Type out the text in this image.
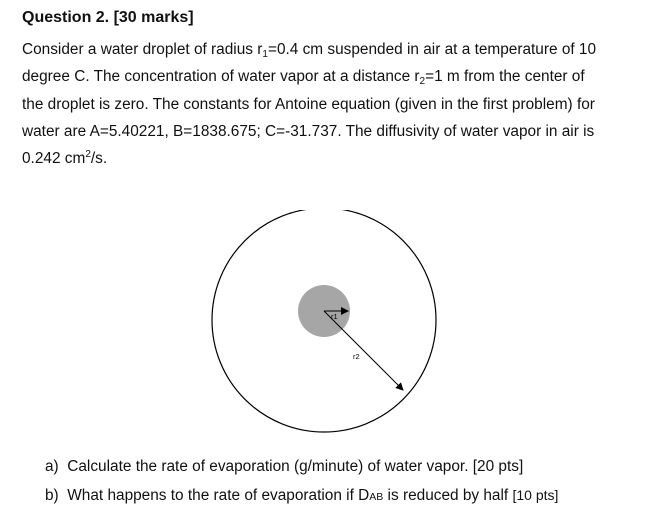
Question 2. [30 marks]
Consider a water droplet of radius r1=0.4 cm suspended in air at a temperature of 10
degree C. The concentration of water vapor at a distance r2=1 m from the center of
the droplet is zero. The constants for Antoine equation (given in the first problem) for
water are A=5.40221, B=1838.675; C=-31.737. The diffusivity of water vapor in air is
0.242 $cm^2/s$.
r1
r2
a) Calculate the rate of evaporation (g/minute) of water vapor. [20 pts]
b) What happens to the rate of evaporation if DAB is reduced by half [10 pts]
